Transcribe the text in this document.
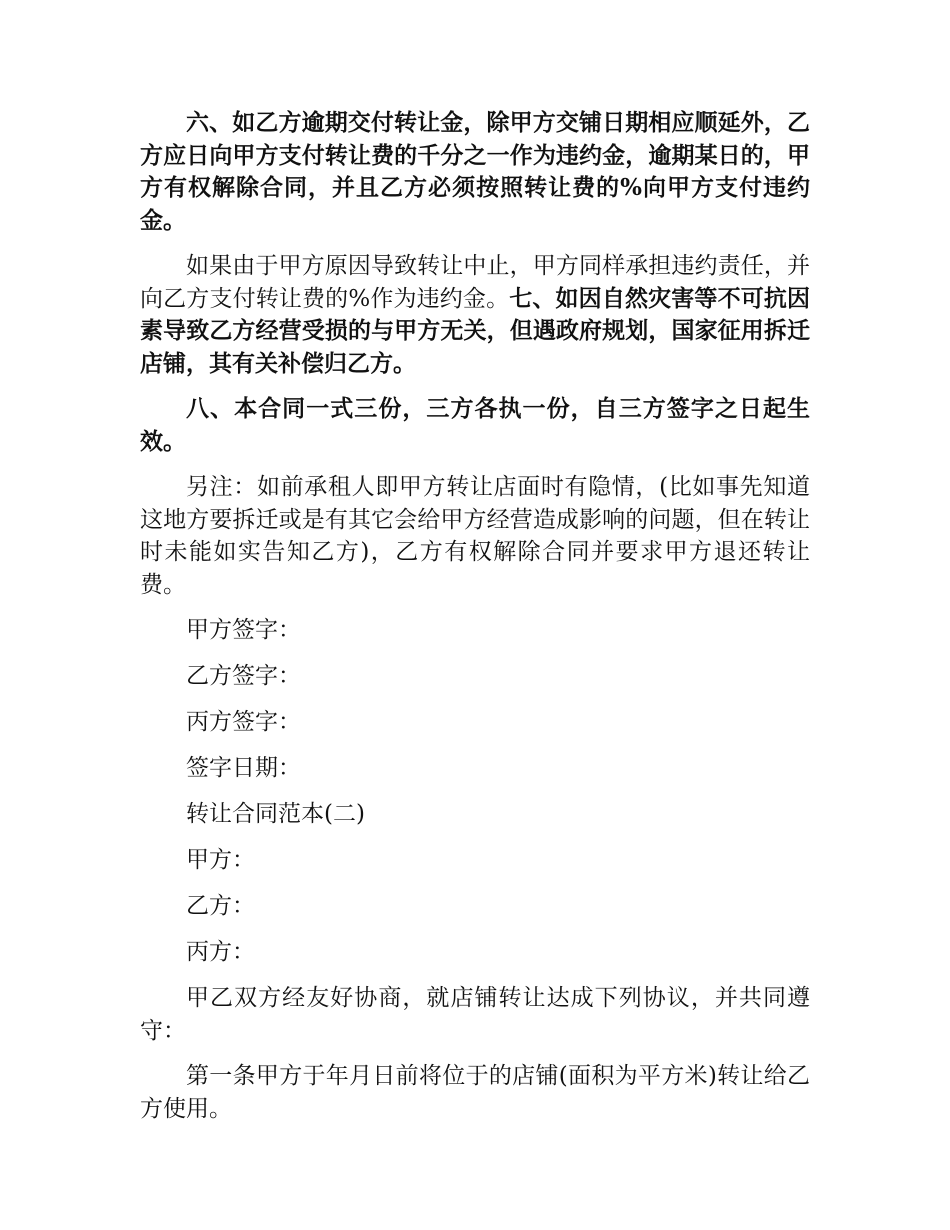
六、如乙方逾期交付转让金，除甲方交铺日期相应顺延外，乙方应日向甲方支付转让费的千分之一作为违约金，逾期某日的，甲方有权解除合同，并且乙方必须按照转让费的%向甲方支付违约金。

如果由于甲方原因导致转让中止，甲方同样承担违约责任，并向乙方支付转让费的%作为违约金。七、如因自然灾害等不可抗因素导致乙方经营受损的与甲方无关，但遇政府规划，国家征用拆迁店铺，其有关补偿归乙方。

八、本合同一式三份，三方各执一份，自三方签字之日起生效。

另注：如前承租人即甲方转让店面时有隐情，(比如事先知道这地方要拆迁或是有其它会给甲方经营造成影响的问题，但在转让时未能如实告知乙方)，乙方有权解除合同并要求甲方退还转让费。

甲方签字：

乙方签字：

丙方签字：

签字日期：

转让合同范本(二)

甲方：

乙方：

丙方：

甲乙双方经友好协商，就店铺转让达成下列协议，并共同遵守：

第一条甲方于年月日前将位于的店铺(面积为平方米)转让给乙方使用。
